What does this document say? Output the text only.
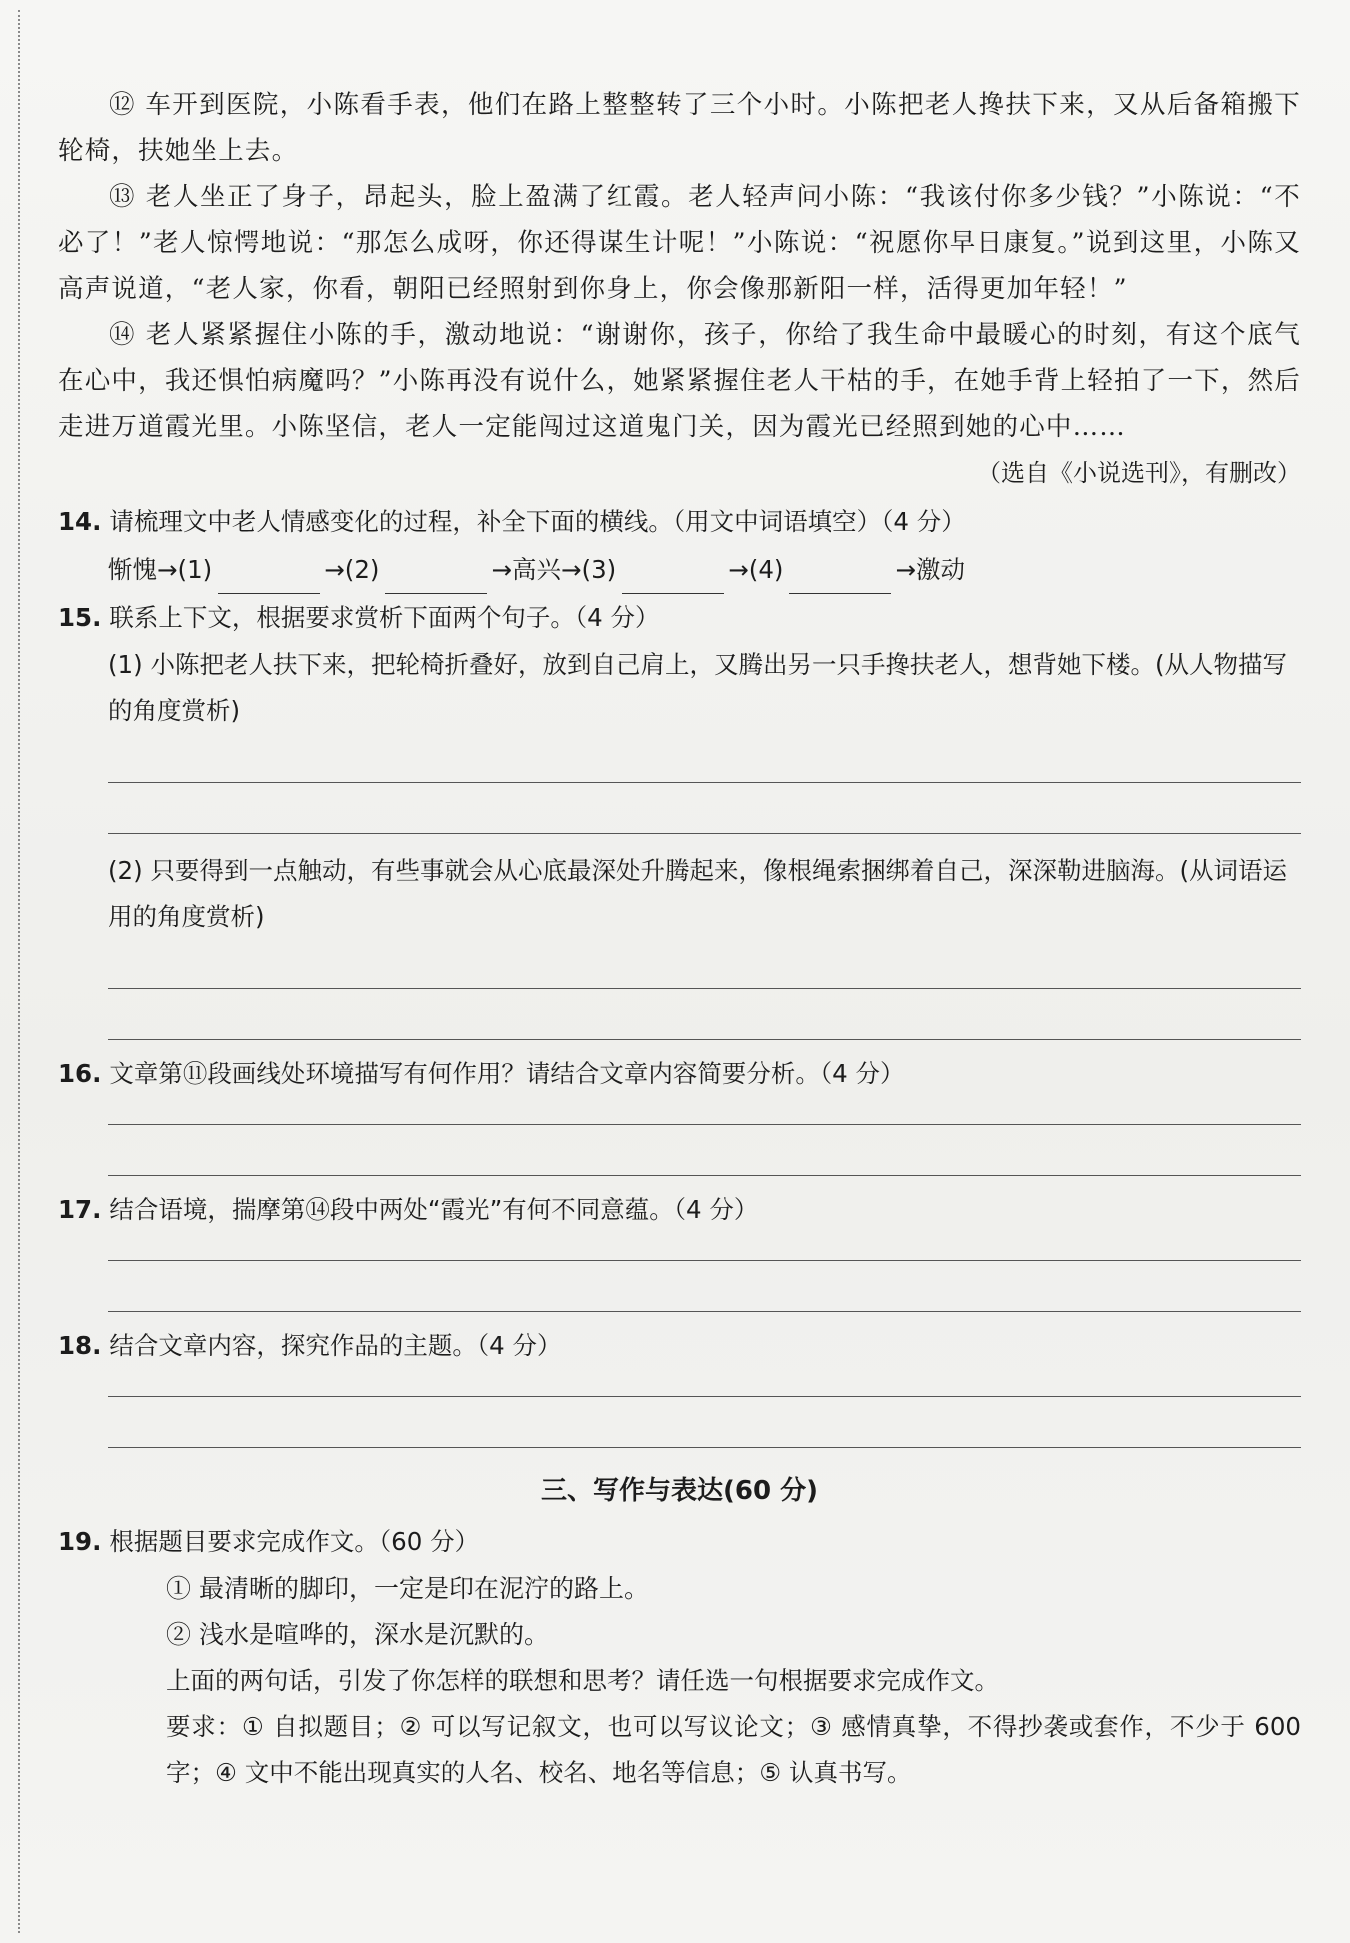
⑫ 车开到医院，小陈看手表，他们在路上整整转了三个小时。小陈把老人搀扶下来，又从后备箱搬下轮椅，扶她坐上去。

⑬ 老人坐正了身子，昂起头，脸上盈满了红霞。老人轻声问小陈：“我该付你多少钱？”小陈说：“不必了！”老人惊愕地说：“那怎么成呀，你还得谋生计呢！”小陈说：“祝愿你早日康复。”说到这里，小陈又高声说道，“老人家，你看，朝阳已经照射到你身上，你会像那新阳一样，活得更加年轻！”

⑭ 老人紧紧握住小陈的手，激动地说：“谢谢你，孩子，你给了我生命中最暖心的时刻，有这个底气在心中，我还惧怕病魔吗？”小陈再没有说什么，她紧紧握住老人干枯的手，在她手背上轻拍了一下，然后走进万道霞光里。小陈坚信，老人一定能闯过这道鬼门关，因为霞光已经照到她的心中……

（选自《小说选刊》，有删改）

14. 请梳理文中老人情感变化的过程，补全下面的横线。（用文中词语填空）（4 分）
惭愧→(1)	→(2)	→高兴→(3)	→(4)	→激动
15. 联系上下文，根据要求赏析下面两个句子。（4 分）
(1) 小陈把老人扶下来，把轮椅折叠好，放到自己肩上，又腾出另一只手搀扶老人，想背她下楼。(从人物描写的角度赏析)
(2) 只要得到一点触动，有些事就会从心底最深处升腾起来，像根绳索捆绑着自己，深深勒进脑海。(从词语运用的角度赏析)
16. 文章第⑪段画线处环境描写有何作用？请结合文章内容简要分析。（4 分）
17. 结合语境，揣摩第⑭段中两处“霞光”有何不同意蕴。（4 分）
18. 结合文章内容，探究作品的主题。（4 分）
三、写作与表达(60 分)
19. 根据题目要求完成作文。（60 分）
① 最清晰的脚印，一定是印在泥泞的路上。
② 浅水是喧哗的，深水是沉默的。
上面的两句话，引发了你怎样的联想和思考？请任选一句根据要求完成作文。
要求：① 自拟题目；② 可以写记叙文，也可以写议论文；③ 感情真挚，不得抄袭或套作，不少于 600 字；④ 文中不能出现真实的人名、校名、地名等信息；⑤ 认真书写。
